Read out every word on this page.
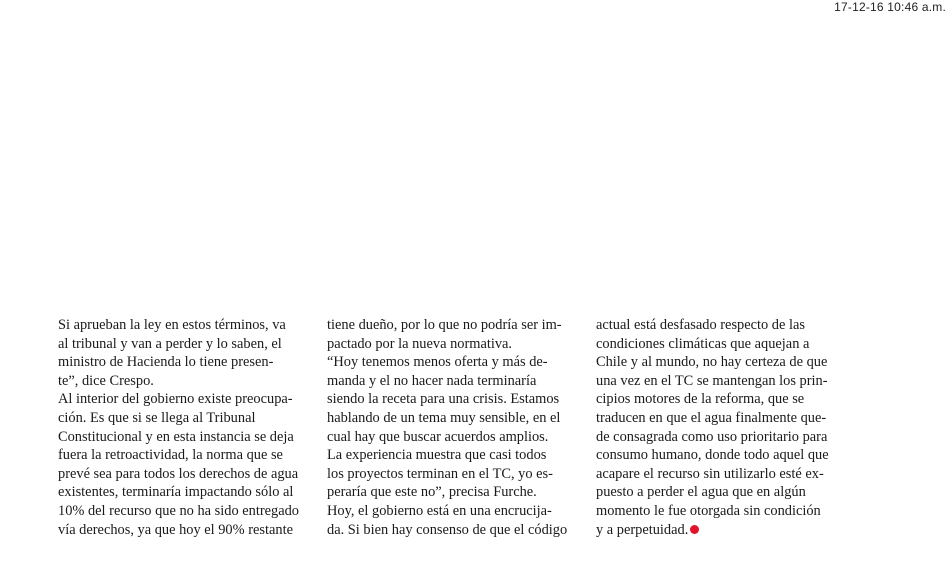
17-12-16 10:46 a.m.

Si aprueban la ley en estos términos, va

al tribunal y van a perder y lo saben, el

ministro de Hacienda lo tiene presen-

te”, dice Crespo.

Al interior del gobierno existe preocupa-

ción. Es que si se llega al Tribunal

Constitucional y en esta instancia se deja

fuera la retroactividad, la norma que se

prevé sea para todos los derechos de agua

existentes, terminaría impactando sólo al

10% del recurso que no ha sido entregado

vía derechos, ya que hoy el 90% restante

tiene dueño, por lo que no podría ser im-

pactado por la nueva normativa.

“Hoy tenemos menos oferta y más de-

manda y el no hacer nada terminaría

siendo la receta para una crisis. Estamos

hablando de un tema muy sensible, en el

cual hay que buscar acuerdos amplios.

La experiencia muestra que casi todos

los proyectos terminan en el TC, yo es-

peraría que este no”, precisa Furche.

Hoy, el gobierno está en una encrucija-

da. Si bien hay consenso de que el código

actual está desfasado respecto de las

condiciones climáticas que aquejan a

Chile y al mundo, no hay certeza de que

una vez en el TC se mantengan los prin-

cipios motores de la reforma, que se

traducen en que el agua finalmente que-

de consagrada como uso prioritario para

consumo humano, donde todo aquel que

acapare el recurso sin utilizarlo esté ex-

puesto a perder el agua que en algún

momento le fue otorgada sin condición

y a perpetuidad.
